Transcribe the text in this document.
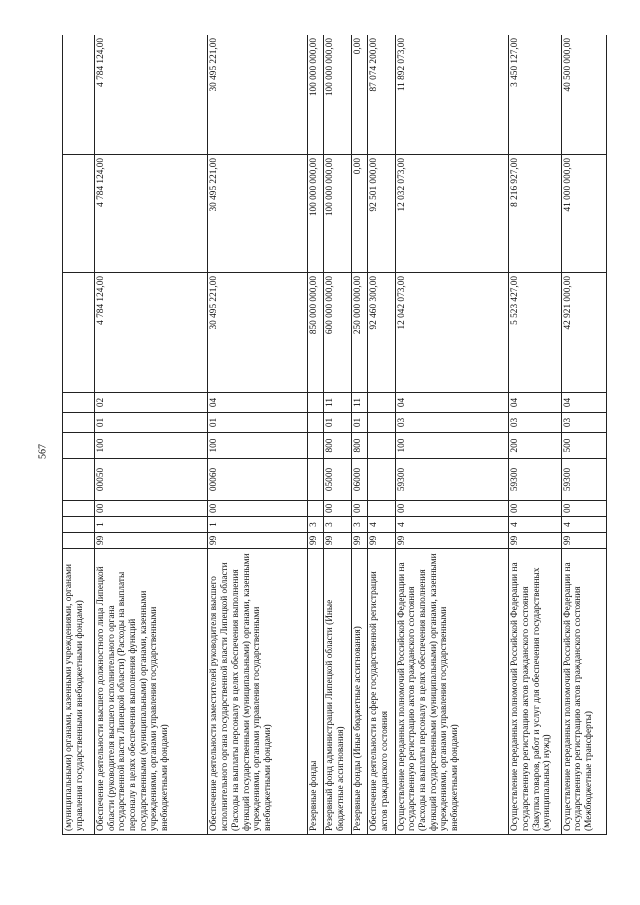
567
(муниципальными) органами, казенными учреждениями, органами управления государственными внебюджетными фондами)										
Обеспечение деятельности высшего должностного лица Липецкой области (руководителя высшего исполнительного органа государственной власти Липецкой области) (Расходы на выплаты персоналу в целях обеспечения выполнения функций государственными (муниципальными) органами, казенными учреждениями, органами управления государственными внебюджетными фондами)	99	1	00	00050	100	01	02	4 784 124,00	4 784 124,00	4 784 124,00
Обеспечение деятельности заместителей руководителя высшего исполнительного органа государственной власти Липецкой области (Расходы на выплаты персоналу в целях обеспечения выполнения функций государственными (муниципальными) органами, казенными учреждениями, органами управления государственными внебюджетными фондами)	99	1	00	00060	100	01	04	30 495 221,00	30 495 221,00	30 495 221,00
Резервные фонды	99	3						850 000 000,00	100 000 000,00	100 000 000,00
Резервный фонд администрации Липецкой области (Иные бюджетные ассигнования)	99	3	00	05000	800	01	11	600 000 000,00	100 000 000,00	100 000 000,00
Резервные фонды (Иные бюджетные ассигнования)	99	3	00	06000	800	01	11	250 000 000,00	0,00	0,00
Обеспечение деятельности в сфере государственной регистрации актов гражданского состояния	99	4						92 460 300,00	92 501 000,00	87 074 200,00
Осуществление переданных полномочий Российской Федерации на государственную регистрацию актов гражданского состояния (Расходы на выплаты персоналу в целях обеспечения выполнения функций государственными (муниципальными) органами, казенными учреждениями, органами управления государственными внебюджетными фондами)	99	4	00	59300	100	03	04	12 042 073,00	12 032 073,00	11 892 073,00
Осуществление переданных полномочий Российской Федерации на государственную регистрацию актов гражданского состояния (Закупка товаров, работ и услуг для обеспечения государственных (муниципальных) нужд)	99	4	00	59300	200	03	04	5 523 427,00	8 216 927,00	3 450 127,00
Осуществление переданных полномочий Российской Федерации на государственную регистрацию актов гражданского состояния (Межбюджетные трансферты)	99	4	00	59300	500	03	04	42 921 000,00	41 000 000,00	40 500 000,00
